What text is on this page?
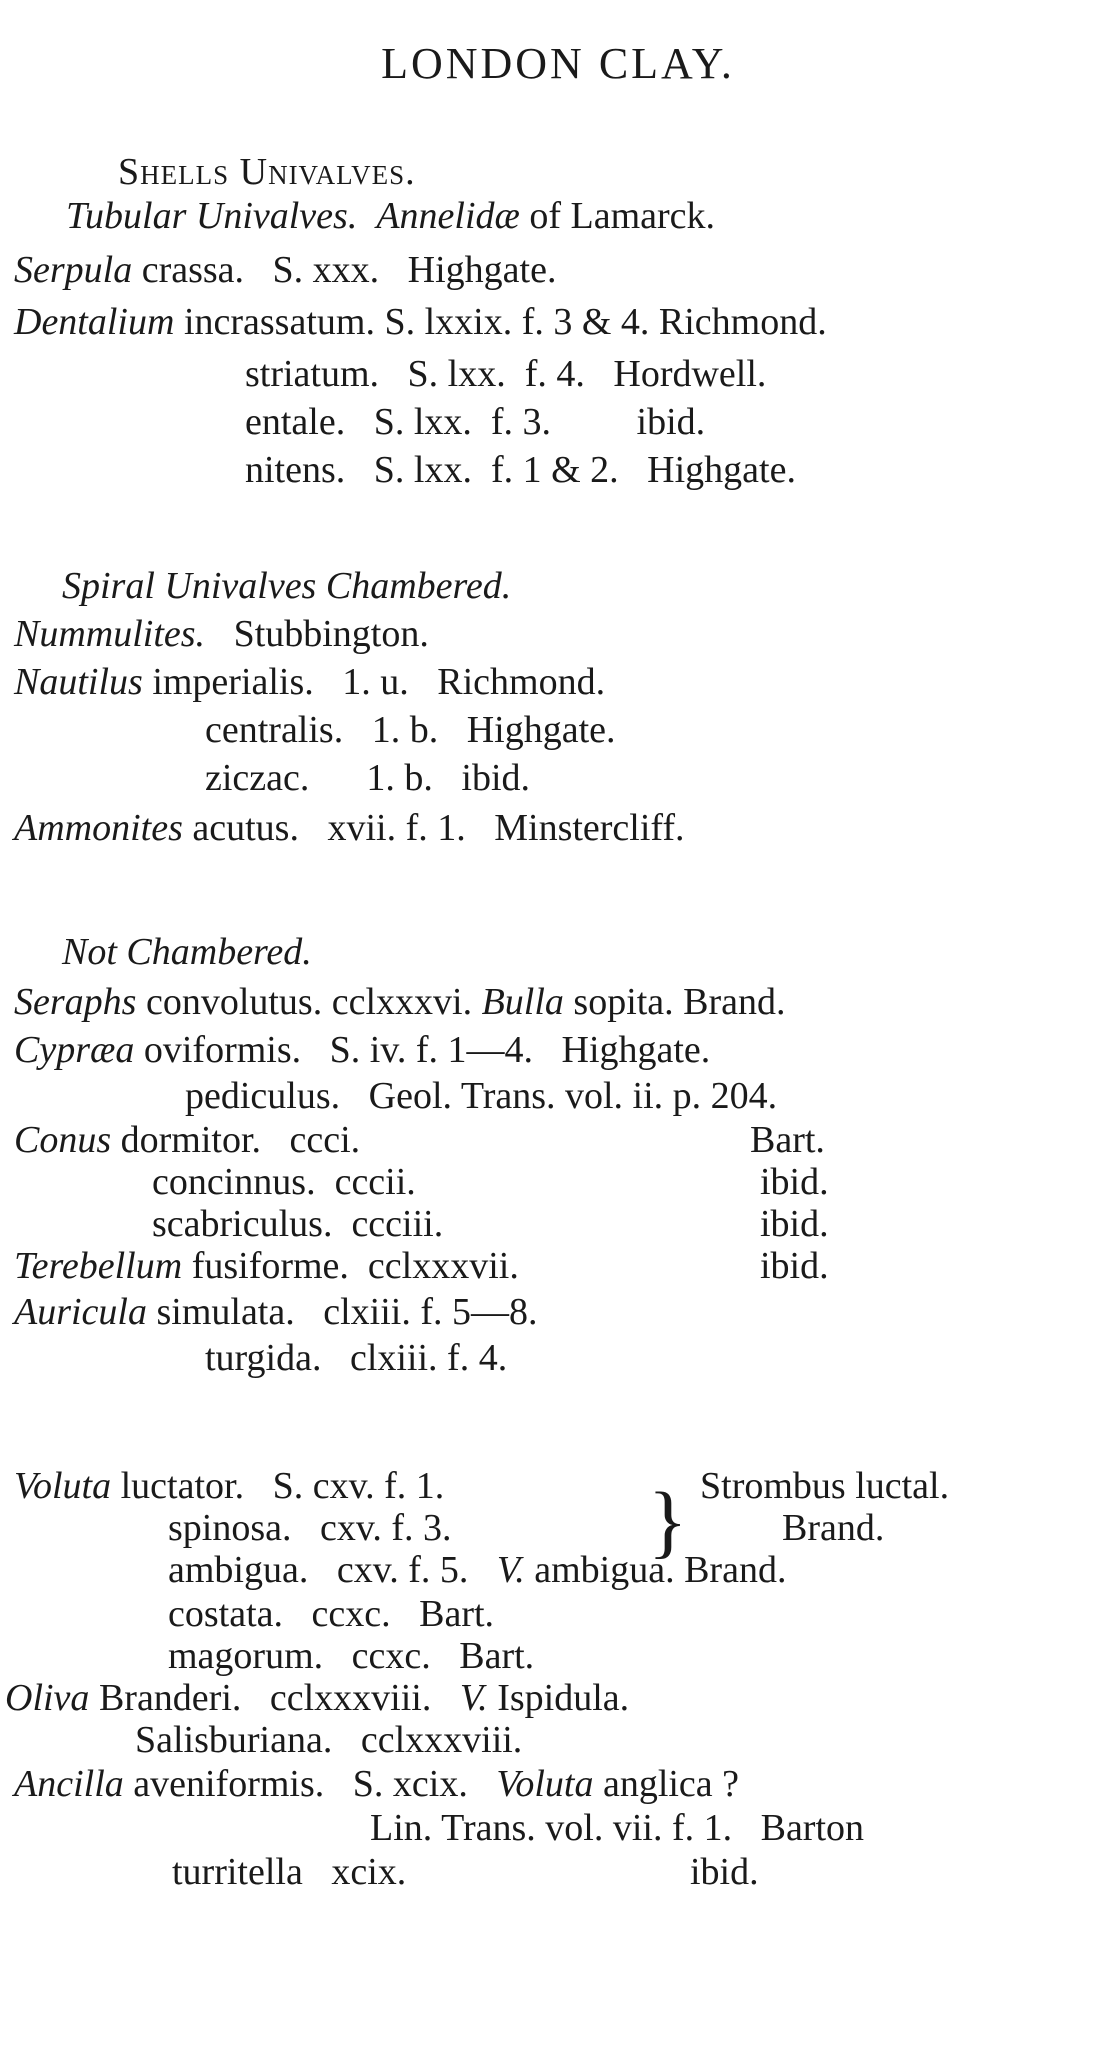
LONDON CLAY.
Shells Univalves.
Tubular Univalves. Annelidæ of Lamarck.
Serpula crassa.   S. xxx.   Highgate.
Dentalium incrassatum. S. lxxix. f. 3 & 4. Richmond.
striatum.   S. lxx.  f. 4.   Hordwell.
entale.   S. lxx.  f. 3.         ibid.
nitens.   S. lxx.  f. 1 & 2.   Highgate.
Spiral Univalves Chambered.
Nummulites.   Stubbington.
Nautilus imperialis.   1. u.   Richmond.
centralis.   1. b.   Highgate.
ziczac.      1. b.   ibid.
Ammonites acutus.   xvii. f. 1.   Minstercliff.
Not Chambered.
Seraphs convolutus. cclxxxvi. Bulla sopita. Brand.
Cypræa oviformis.   S. iv. f. 1—4.   Highgate.
pediculus.   Geol. Trans. vol. ii. p. 204.
Conus dormitor.   ccci.
concinnus.  cccii.
scabriculus.  ccciii.
Terebellum fusiforme.  cclxxxvii.
Auricula simulata.   clxiii. f. 5—8.
turgida.   clxiii. f. 4.
Voluta luctator.   S. cxv. f. 1.
spinosa.   cxv. f. 3.
ambigua.   cxv. f. 5.   V. ambigua. Brand.
costata.   ccxc.   Bart.
magorum.   ccxc.   Bart.
Oliva Branderi.   cclxxxviii.   V. Ispidula.
Salisburiana.   cclxxxviii.
Ancilla aveniformis.   S. xcix.   Voluta anglica ?
Lin. Trans. vol. vii. f. 1.   Barton
turritella   xcix.
Bart.
ibid.
ibid.
ibid.
Strombus luctal.
Brand.
ibid.
}
